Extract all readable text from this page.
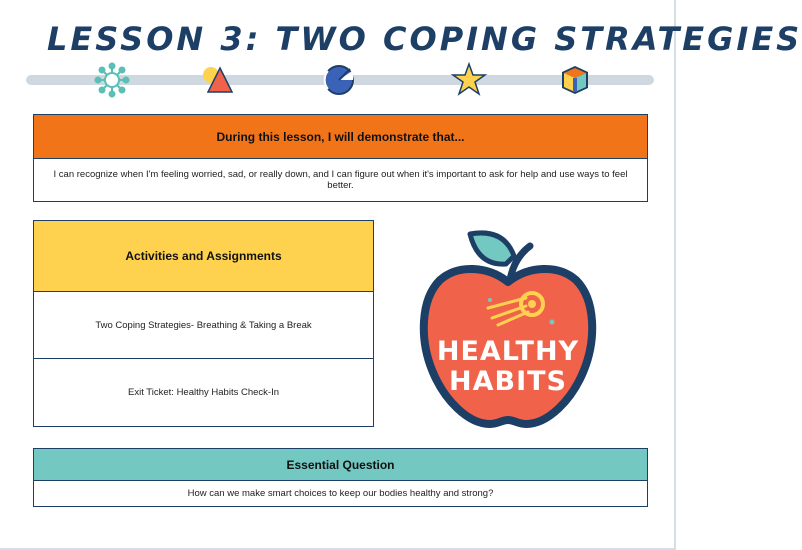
LESSON 3: TWO COPING STRATEGIES
During this lesson, I will demonstrate that...
I can recognize when I'm feeling worried, sad, or really down, and I can figure out when it's important to ask for help and use ways to feel better.
Activities and Assignments
Two Coping Strategies- Breathing & Taking a Break
Exit Ticket: Healthy Habits Check-In
HEALTHY
HABITS
Essential Question
How can we make smart choices to keep our bodies healthy and strong?
